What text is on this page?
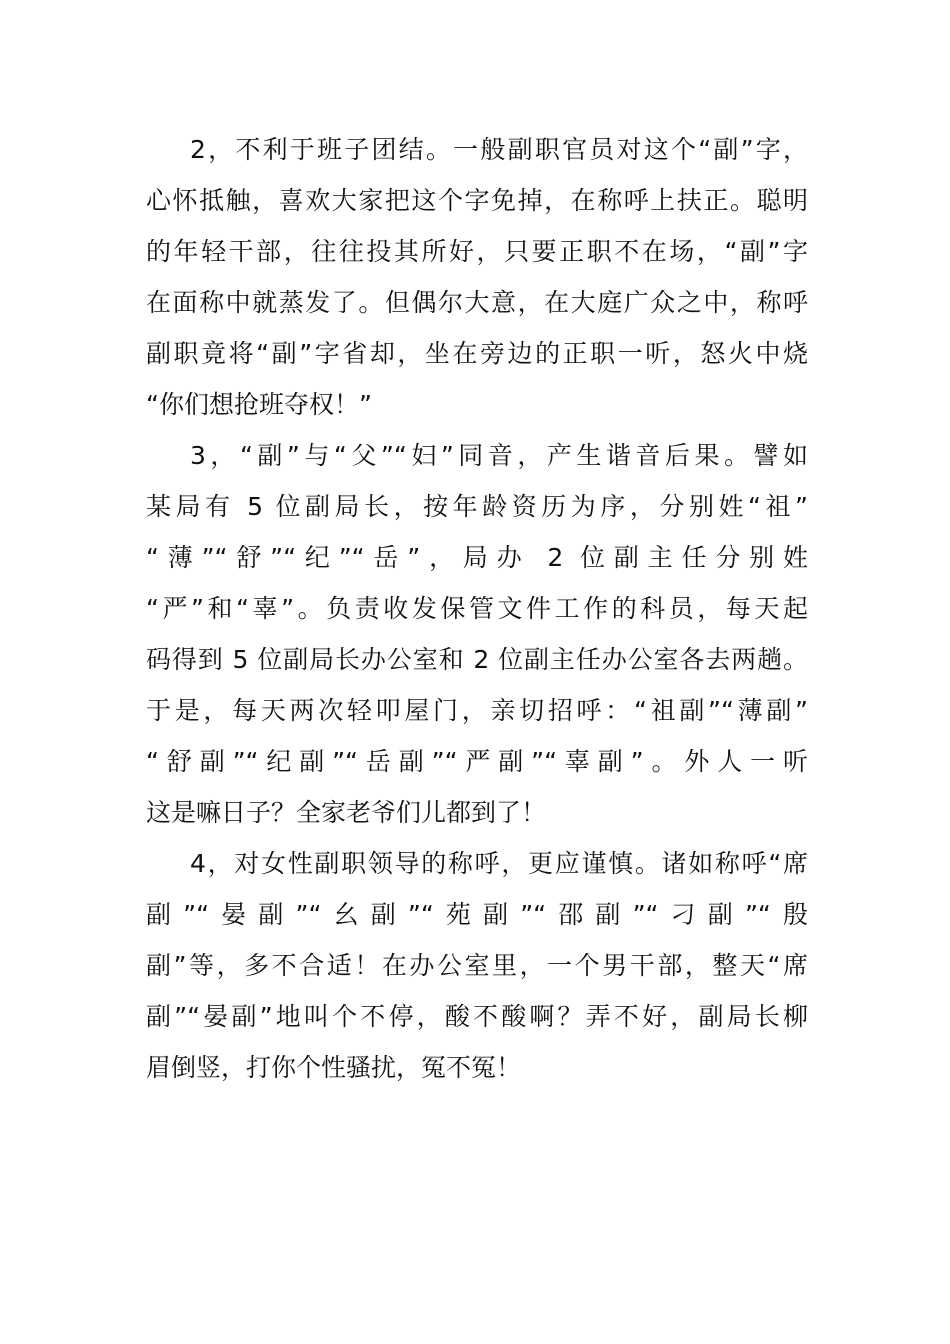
2，不利于班子团结。一般副职官员对这个“副”字，
心怀抵触，喜欢大家把这个字免掉，在称呼上扶正。聪明
的年轻干部，往往投其所好，只要正职不在场，“副”字
在面称中就蒸发了。但偶尔大意，在大庭广众之中，称呼
副职竟将“副”字省却，坐在旁边的正职一听，怒火中烧
“你们想抢班夺权！”
3，“副”与“父”“妇”同音，产生谐音后果。譬如
某局有 5 位副局长，按年龄资历为序，分别姓“祖”
“薄”“舒”“纪”“岳”，局办 2 位副主任分别姓
“严”和“辜”。负责收发保管文件工作的科员，每天起
码得到 5 位副局长办公室和 2 位副主任办公室各去两趟。
于是，每天两次轻叩屋门，亲切招呼：“祖副”“薄副”
“舒副”“纪副”“岳副”“严副”“辜副”。外人一听
这是嘛日子？全家老爷们儿都到了！
4，对女性副职领导的称呼，更应谨慎。诸如称呼“席
副”“晏副”“幺副”“苑副”“邵副”“刁副”“殷
副”等，多不合适！在办公室里，一个男干部，整天“席
副”“晏副”地叫个不停，酸不酸啊？弄不好，副局长柳
眉倒竖，打你个性骚扰，冤不冤！
